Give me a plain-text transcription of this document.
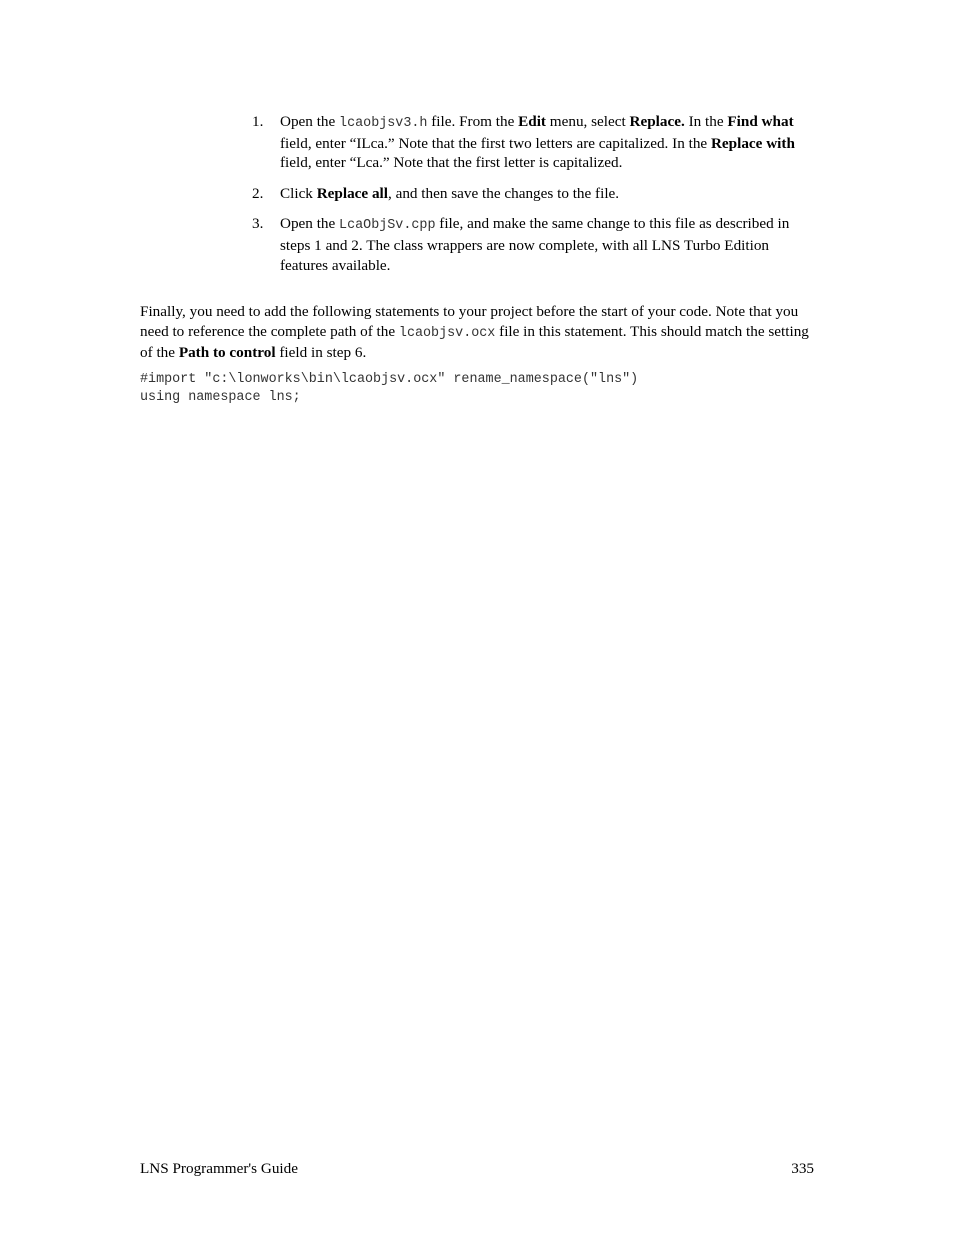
1. Open the lcaobjsv3.h file. From the Edit menu, select Replace. In the Find what field, enter “ILca.” Note that the first two letters are capitalized. In the Replace with field, enter “Lca.” Note that the first letter is capitalized.
2. Click Replace all, and then save the changes to the file.
3. Open the LcaObjSv.cpp file, and make the same change to this file as described in steps 1 and 2. The class wrappers are now complete, with all LNS Turbo Edition features available.

Finally, you need to add the following statements to your project before the start of your code. Note that you need to reference the complete path of the lcaobjsv.ocx file in this statement. This should match the setting of the Path to control field in step 6.

#import "c:\lonworks\bin\lcaobjsv.ocx" rename_namespace("lns")
using namespace lns;
LNS Programmer's Guide	335
